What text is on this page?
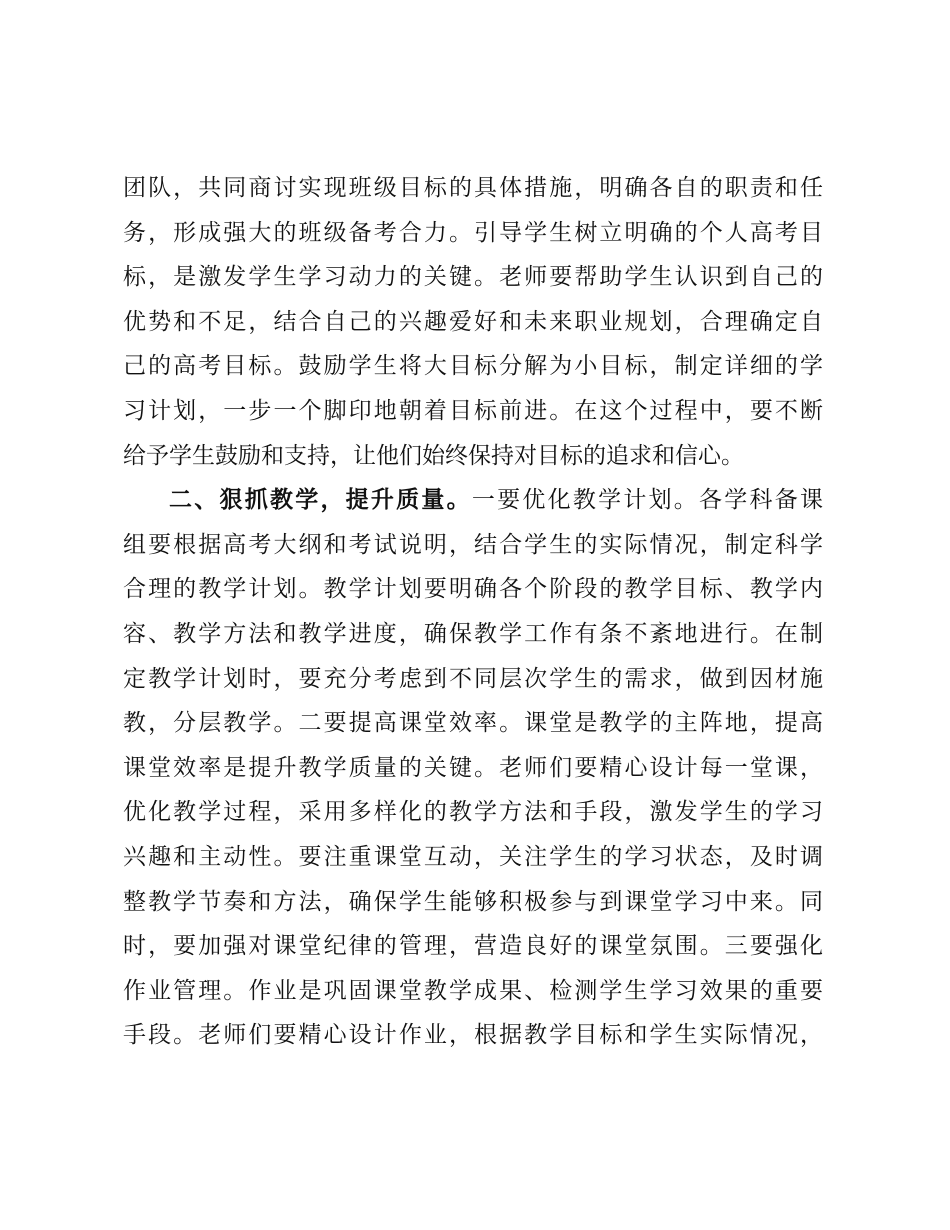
团队，共同商讨实现班级目标的具体措施，明确各自的职责和任
务，形成强大的班级备考合力。引导学生树立明确的个人高考目
标，是激发学生学习动力的关键。老师要帮助学生认识到自己的
优势和不足，结合自己的兴趣爱好和未来职业规划，合理确定自
己的高考目标。鼓励学生将大目标分解为小目标，制定详细的学
习计划，一步一个脚印地朝着目标前进。在这个过程中，要不断
给予学生鼓励和支持，让他们始终保持对目标的追求和信心。
二、狠抓教学，提升质量。一要优化教学计划。各学科备课
组要根据高考大纲和考试说明，结合学生的实际情况，制定科学
合理的教学计划。教学计划要明确各个阶段的教学目标、教学内
容、教学方法和教学进度，确保教学工作有条不紊地进行。在制
定教学计划时，要充分考虑到不同层次学生的需求，做到因材施
教，分层教学。二要提高课堂效率。课堂是教学的主阵地，提高
课堂效率是提升教学质量的关键。老师们要精心设计每一堂课，
优化教学过程，采用多样化的教学方法和手段，激发学生的学习
兴趣和主动性。要注重课堂互动，关注学生的学习状态，及时调
整教学节奏和方法，确保学生能够积极参与到课堂学习中来。同
时，要加强对课堂纪律的管理，营造良好的课堂氛围。三要强化
作业管理。作业是巩固课堂教学成果、检测学生学习效果的重要
手段。老师们要精心设计作业，根据教学目标和学生实际情况，
